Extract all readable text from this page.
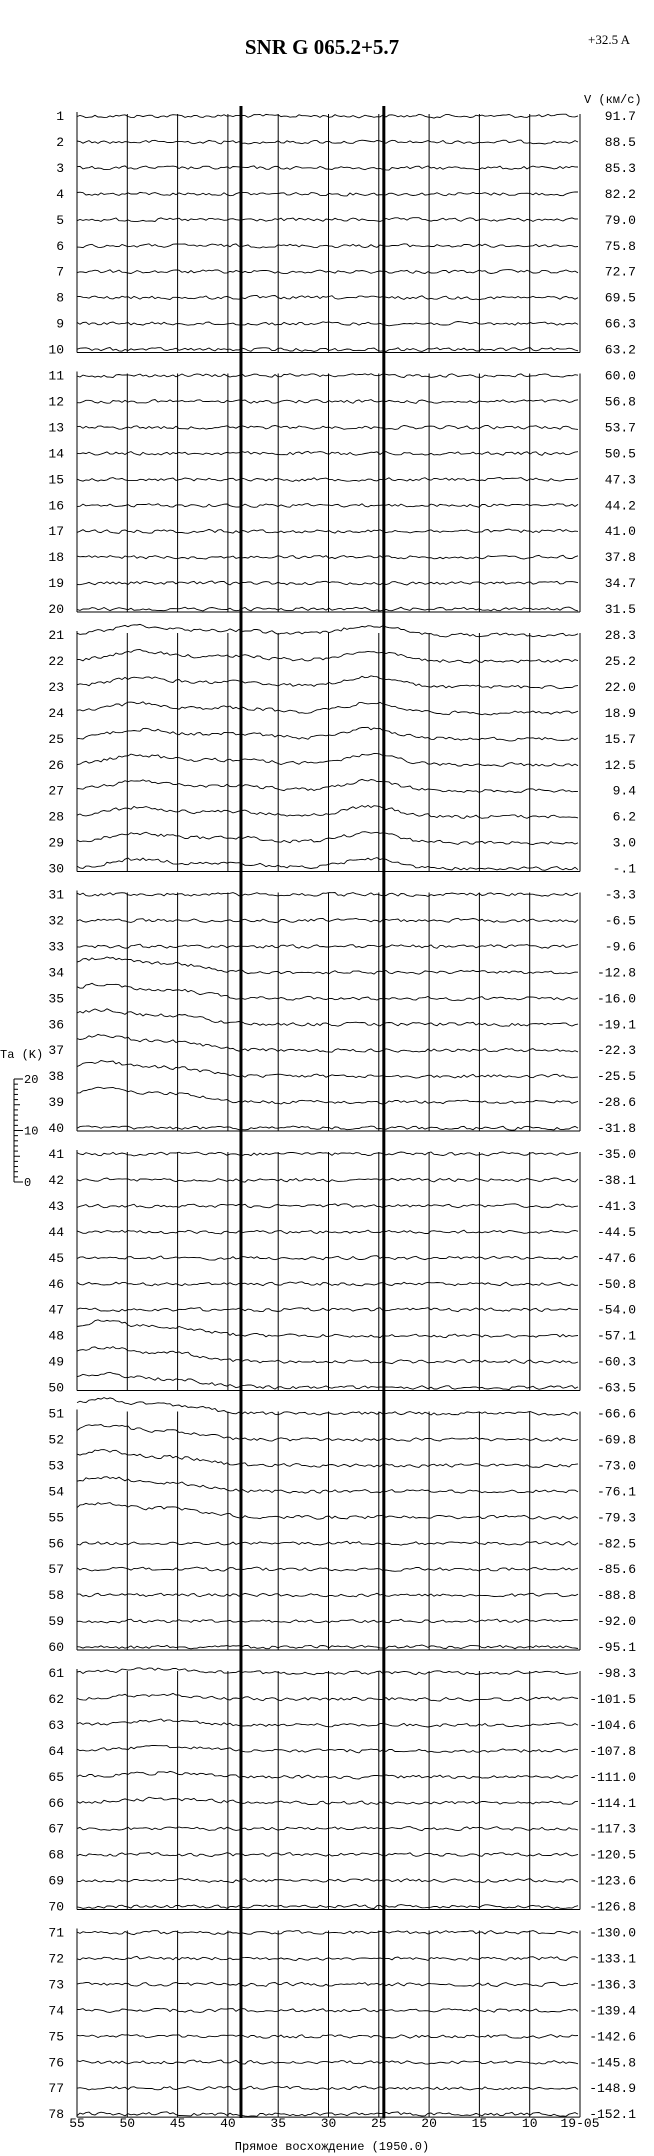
SNR G 065.2+5.7	+32.5 A
V (км/с)
Ta (K)
20
10
0
1
2
3
4
5
6
7
8
9
10
11
12
13
14
15
16
17
18
19
20
21
22
23
24
25
26
27
28
29
30
31
32
33
34
35
36
37
38
39
40
41
42
43
44
45
46
47
48
49
50
51
52
53
54
55
56
57
58
59
60
61
62
63
64
65
66
67
68
69
70
71
72
73
74
75
76
77
78
91.7
88.5
85.3
82.2
79.0
75.8
72.7
69.5
66.3
63.2
60.0
56.8
53.7
50.5
47.3
44.2
41.0
37.8
34.7
31.5
28.3
25.2
22.0
18.9
15.7
12.5
9.4
6.2
3.0
-.1
-3.3
-6.5
-9.6
-12.8
-16.0
-19.1
-22.3
-25.5
-28.6
-31.8
-35.0
-38.1
-41.3
-44.5
-47.6
-50.8
-54.0
-57.1
-60.3
-63.5
-66.6
-69.8
-73.0
-76.1
-79.3
-82.5
-85.6
-88.8
-92.0
-95.1
-98.3
-101.5
-104.6
-107.8
-111.0
-114.1
-117.3
-120.5
-123.6
-126.8
-130.0
-133.1
-136.3
-139.4
-142.6
-145.8
-148.9
-152.1
55	50	45	40	35	30	25	20	15	10 19-05
Прямое восхождение (1950.0)
